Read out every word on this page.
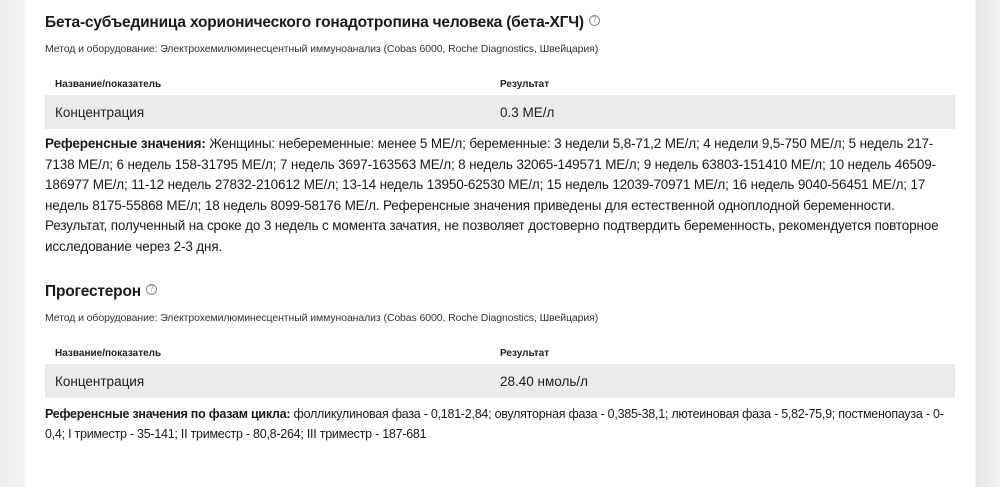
Бета-субъединица хорионического гонадотропина человека (бета-ХГЧ)	?
Метод и оборудование: Электрохемилюминесцентный иммуноанализ (Cobas 6000, Roche Diagnostics, Швейцария)
Название/показатель	Результат
Концентрация	0.3 МЕ/л
Референсные значения: Женщины: небеременные: менее 5 МЕ/л; беременные: 3 недели 5,8-71,2 МЕ/л; 4 недели 9,5-750 МЕ/л; 5 недель 217-7138 МЕ/л; 6 недель 158-31795 МЕ/л; 7 недель 3697-163563 МЕ/л; 8 недель 32065-149571 МЕ/л; 9 недель 63803-151410 МЕ/л; 10 недель 46509-186977 МЕ/л; 11-12 недель 27832-210612 МЕ/л; 13-14 недель 13950-62530 МЕ/л; 15 недель 12039-70971 МЕ/л; 16 недель 9040-56451 МЕ/л; 17 недель 8175-55868 МЕ/л; 18 недель 8099-58176 МЕ/л. Референсные значения приведены для естественной одноплодной беременности. Результат, полученный на сроке до 3 недель с момента зачатия, не позволяет достоверно подтвердить беременность, рекомендуется повторное исследование через 2-3 дня.
Прогестерон	?
Метод и оборудование: Электрохемилюминесцентный иммуноанализ (Cobas 6000, Roche Diagnostics, Швейцария)
Название/показатель	Результат
Концентрация	28.40 нмоль/л
Референсные значения по фазам цикла: фолликулиновая фаза - 0,181-2,84; овуляторная фаза - 0,385-38,1; лютеиновая фаза - 5,82-75,9; постменопауза - 0-0,4; I триместр - 35-141; II триместр - 80,8-264; III триместр - 187-681
